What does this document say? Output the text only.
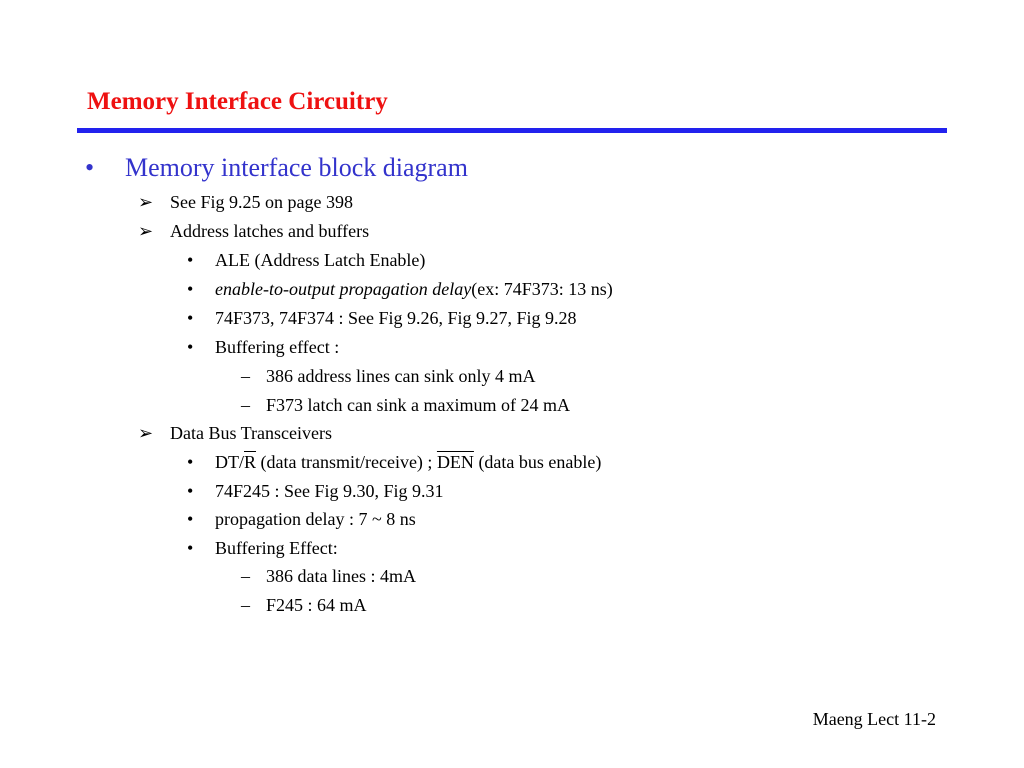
Memory Interface Circuitry
• Memory interface block diagram
➢ See Fig 9.25 on page 398
➢ Address latches and buffers
• ALE (Address Latch Enable)
• enable-to-output propagation delay(ex: 74F373: 13 ns)
• 74F373, 74F374 : See Fig 9.26, Fig 9.27, Fig 9.28
• Buffering effect :
– 386 address lines can sink only 4 mA
– F373 latch can sink a maximum of 24 mA
➢ Data Bus Transceivers
• $DT/\overline{R}$ (data transmit/receive) ; $\overline{DEN}$ (data bus enable)
• 74F245 : See Fig 9.30, Fig 9.31
• propagation delay : 7 ~ 8 ns
• Buffering Effect:
– 386 data lines : 4mA
– F245 : 64 mA
Maeng Lect 11-2
